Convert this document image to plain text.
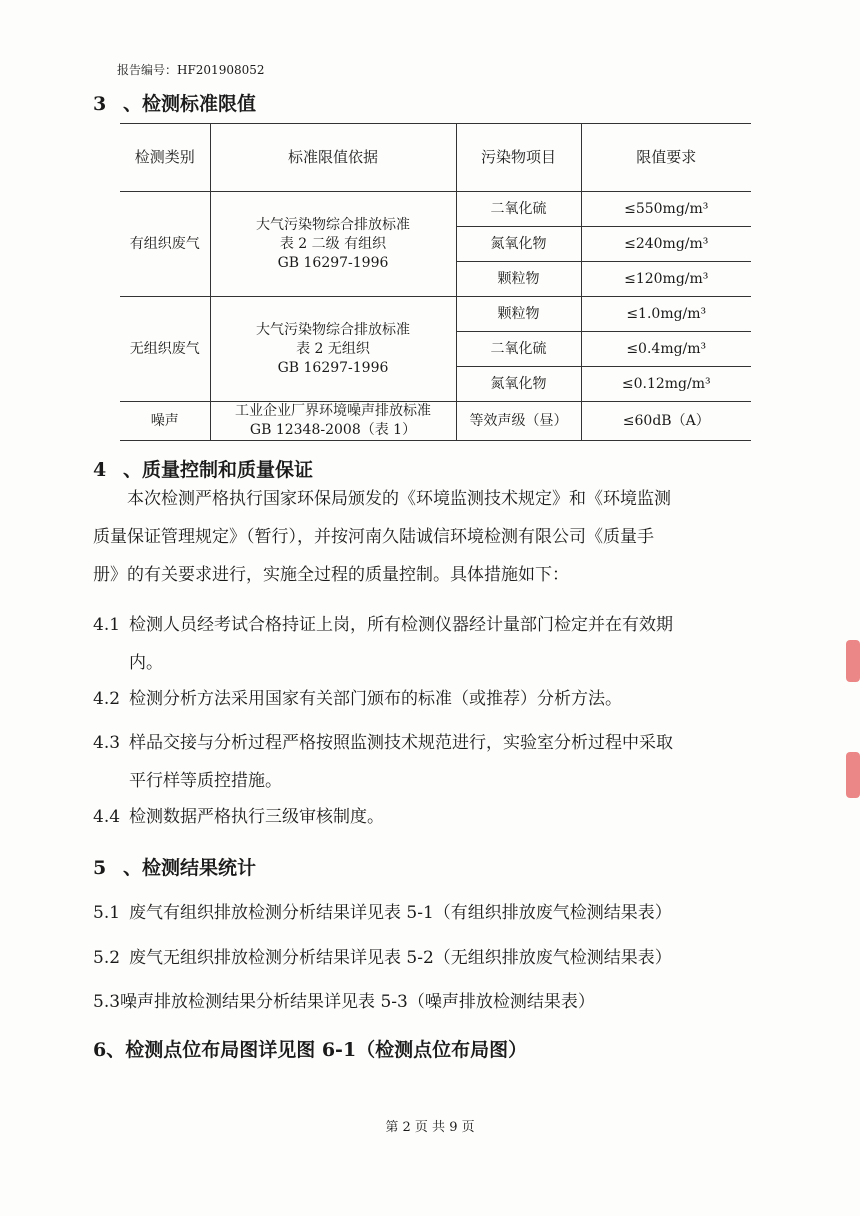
报告编号：HF201908052
3 、检测标准限值
检测类别	标准限值依据	污染物项目	限值要求
有组织废气	大气污染物综合排放标准
表 2 二级 有组织
GB 16297-1996	二氧化硫	≤550mg/m³
		氮氧化物	≤240mg/m³
		颗粒物	≤120mg/m³
无组织废气	大气污染物综合排放标准
表 2 无组织
GB 16297-1996	颗粒物	≤1.0mg/m³
		二氧化硫	≤0.4mg/m³
		氮氧化物	≤0.12mg/m³
噪声	工业企业厂界环境噪声排放标准
GB 12348-2008（表 1）	等效声级（昼）	≤60dB（A）
4 、质量控制和质量保证
本次检测严格执行国家环保局颁发的《环境监测技术规定》和《环境监测
质量保证管理规定》（暂行），并按河南久陆诚信环境检测有限公司《质量手
册》的有关要求进行，实施全过程的质量控制。具体措施如下：
4.1 检测人员经考试合格持证上岗，所有检测仪器经计量部门检定并在有效期
内。
4.2 检测分析方法采用国家有关部门颁布的标准（或推荐）分析方法。
4.3 样品交接与分析过程严格按照监测技术规范进行，实验室分析过程中采取
平行样等质控措施。
4.4 检测数据严格执行三级审核制度。
5 、检测结果统计
5.1 废气有组织排放检测分析结果详见表 5-1（有组织排放废气检测结果表）
5.2 废气无组织排放检测分析结果详见表 5-2（无组织排放废气检测结果表）
5.3噪声排放检测结果分析结果详见表 5-3（噪声排放检测结果表）
6、检测点位布局图详见图 6-1（检测点位布局图）
第 2 页 共 9 页
